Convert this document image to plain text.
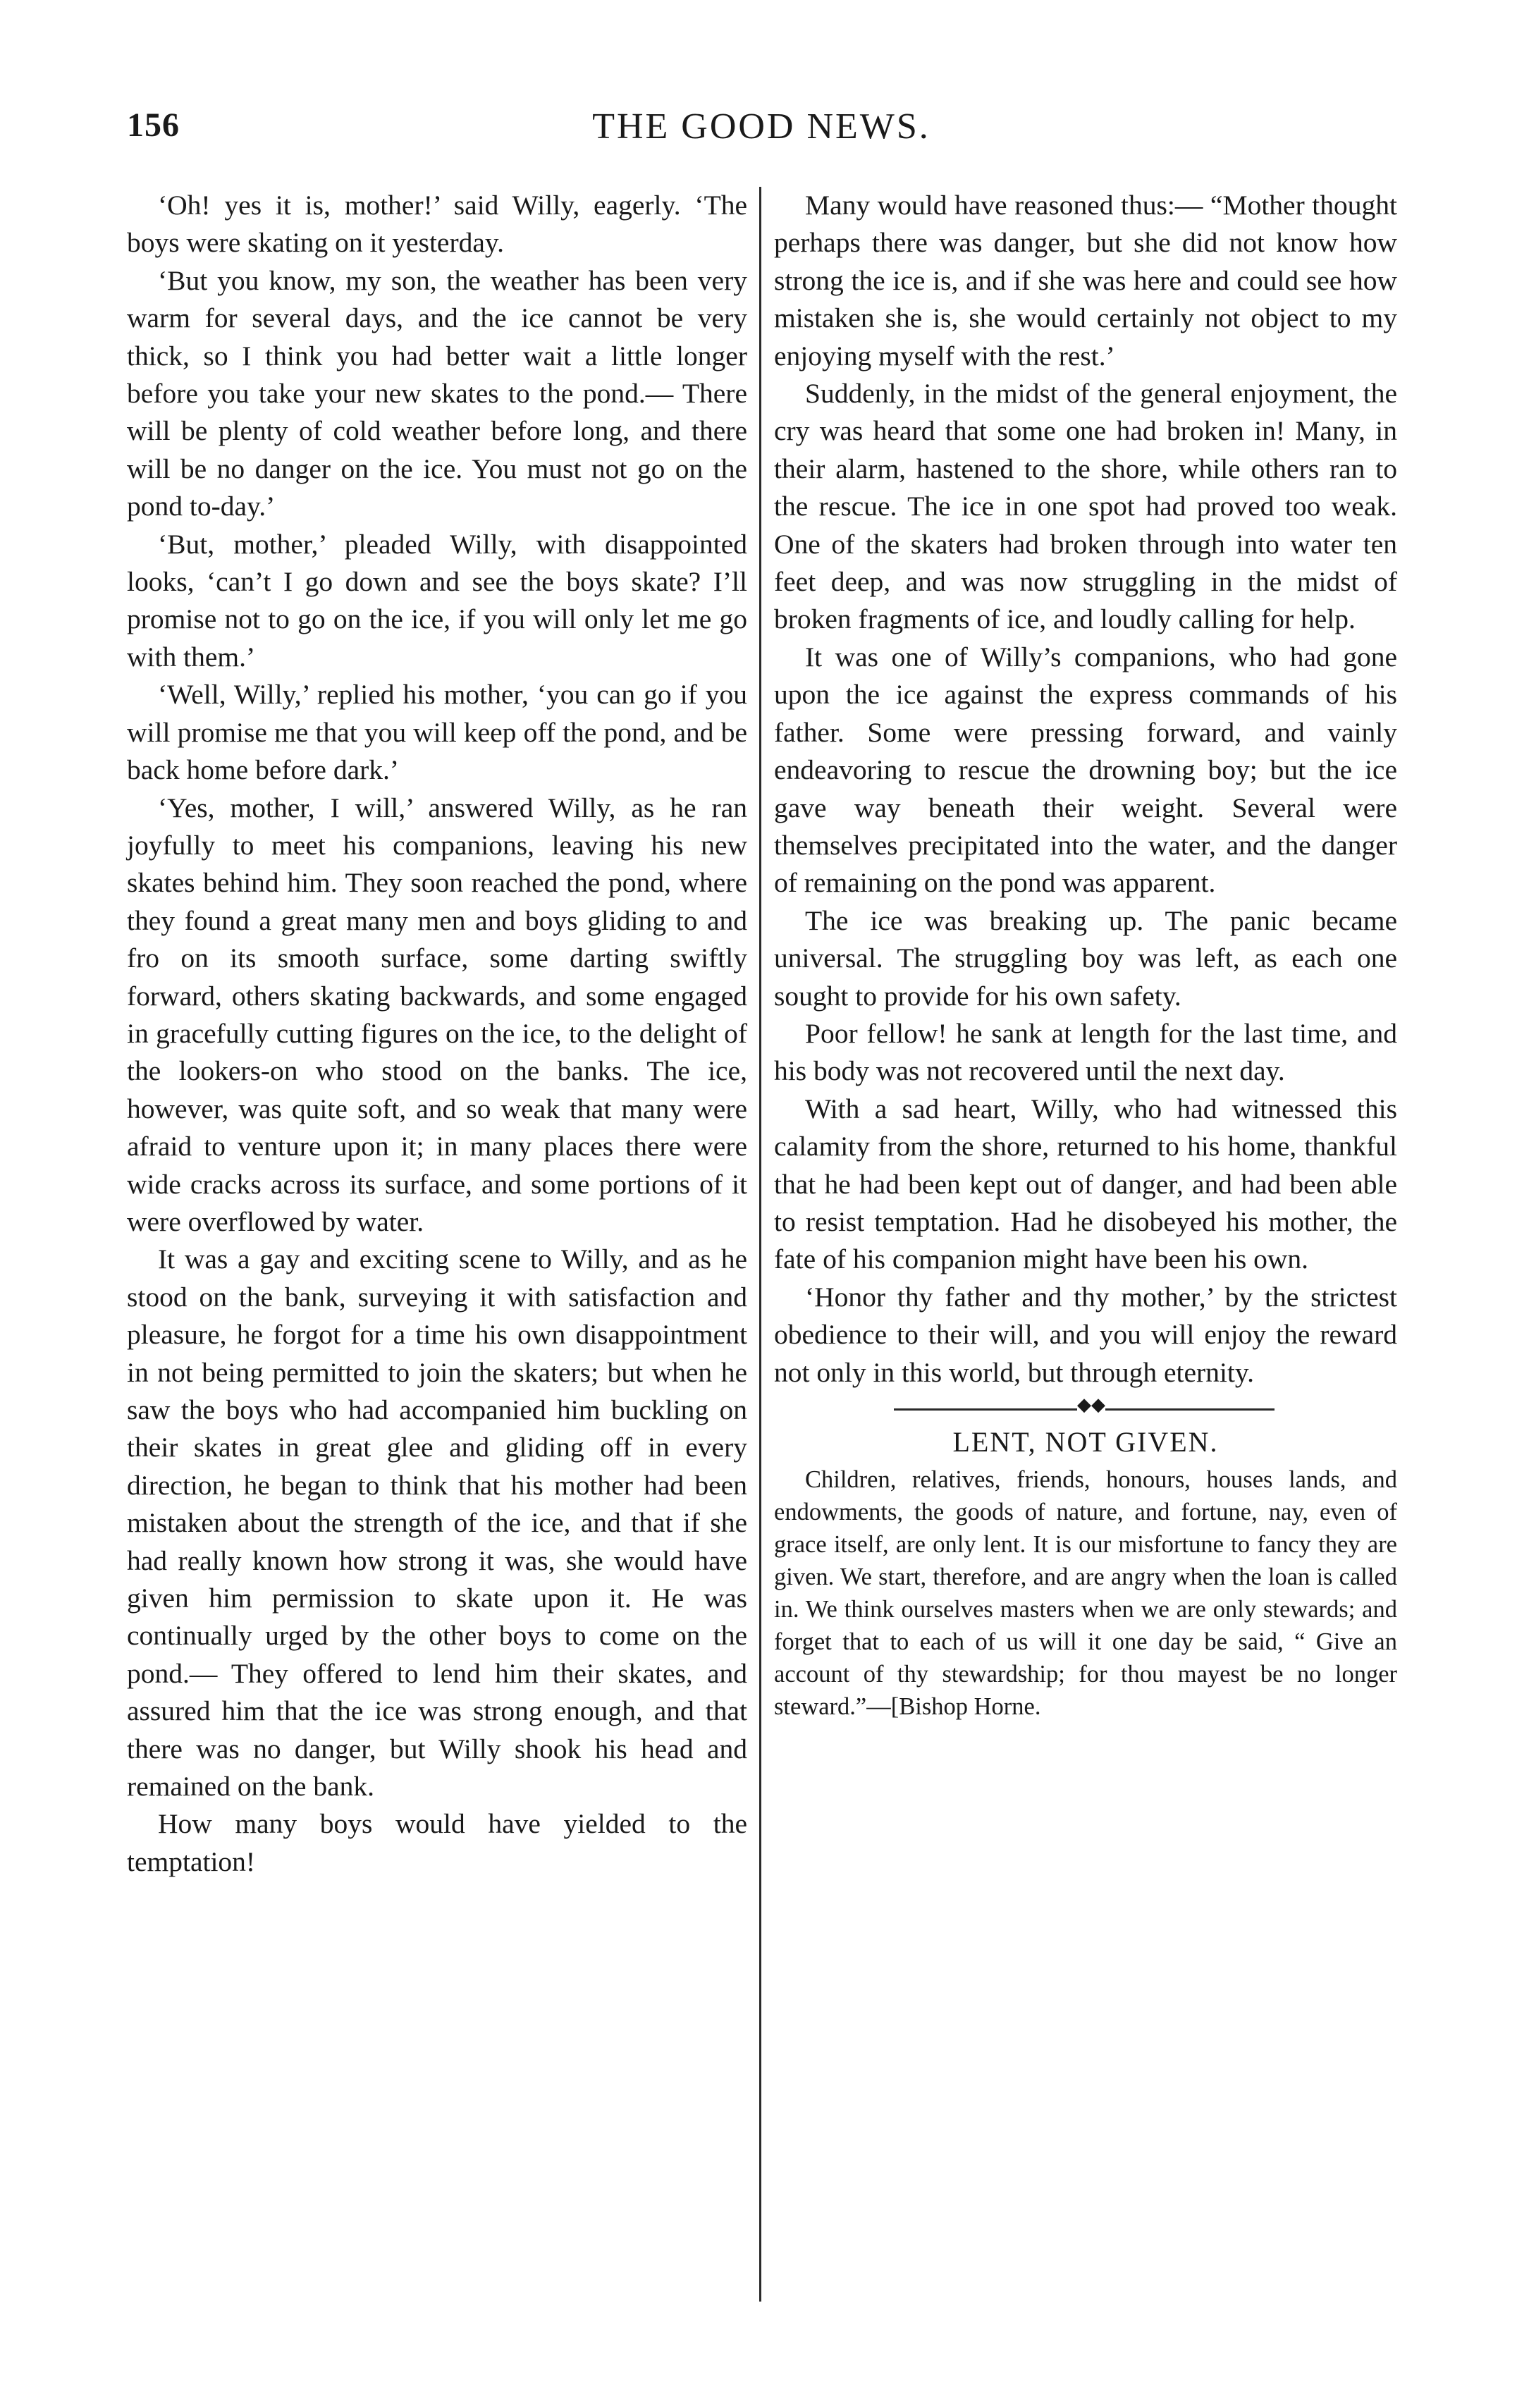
156	THE GOOD NEWS.

‘Oh! yes it is, mother!’ said Willy, eagerly. ‘The boys were skating on it yesterday.

‘But you know, my son, the weather has been very warm for several days, and the ice cannot be very thick, so I think you had better wait a little longer before you take your new skates to the pond.— There will be plenty of cold weather before long, and there will be no danger on the ice. You must not go on the pond to-day.’

‘But, mother,’ pleaded Willy, with disappointed looks, ‘can’t I go down and see the boys skate? I’ll promise not to go on the ice, if you will only let me go with them.’

‘Well, Willy,’ replied his mother, ‘you can go if you will promise me that you will keep off the pond, and be back home before dark.’

‘Yes, mother, I will,’ answered Willy, as he ran joyfully to meet his companions, leaving his new skates behind him. They soon reached the pond, where they found a great many men and boys gliding to and fro on its smooth surface, some darting swiftly forward, others skating backwards, and some engaged in gracefully cutting figures on the ice, to the delight of the lookers-on who stood on the banks. The ice, however, was quite soft, and so weak that many were afraid to venture upon it; in many places there were wide cracks across its surface, and some portions of it were overflowed by water.

It was a gay and exciting scene to Willy, and as he stood on the bank, surveying it with satisfaction and pleasure, he forgot for a time his own disappointment in not being permitted to join the skaters; but when he saw the boys who had accompanied him buckling on their skates in great glee and gliding off in every direction, he began to think that his mother had been mistaken about the strength of the ice, and that if she had really known how strong it was, she would have given him permission to skate upon it. He was continually urged by the other boys to come on the pond.— They offered to lend him their skates, and assured him that the ice was strong enough, and that there was no danger, but Willy shook his head and remained on the bank.

How many boys would have yielded to the temptation!

Many would have reasoned thus:— “Mother thought perhaps there was danger, but she did not know how strong the ice is, and if she was here and could see how mistaken she is, she would certainly not object to my enjoying myself with the rest.’

Suddenly, in the midst of the general enjoyment, the cry was heard that some one had broken in! Many, in their alarm, hastened to the shore, while others ran to the rescue. The ice in one spot had proved too weak. One of the skaters had broken through into water ten feet deep, and was now struggling in the midst of broken fragments of ice, and loudly calling for help.

It was one of Willy’s companions, who had gone upon the ice against the express commands of his father. Some were pressing forward, and vainly endeavoring to rescue the drowning boy; but the ice gave way beneath their weight. Several were themselves precipitated into the water, and the danger of remaining on the pond was apparent.

The ice was breaking up. The panic became universal. The struggling boy was left, as each one sought to provide for his own safety.

Poor fellow! he sank at length for the last time, and his body was not recovered until the next day.

With a sad heart, Willy, who had witnessed this calamity from the shore, returned to his home, thankful that he had been kept out of danger, and had been able to resist temptation. Had he disobeyed his mother, the fate of his companion might have been his own.

‘Honor thy father and thy mother,’ by the strictest obedience to their will, and you will enjoy the reward not only in this world, but through eternity.

◆◆
LENT, NOT GIVEN.

Children, relatives, friends, honours, houses lands, and endowments, the goods of nature, and fortune, nay, even of grace itself, are only lent. It is our misfortune to fancy they are given. We start, therefore, and are angry when the loan is called in. We think ourselves masters when we are only stewards; and forget that to each of us will it one day be said, “ Give an account of thy stewardship; for thou mayest be no longer steward.”—[Bishop Horne.
